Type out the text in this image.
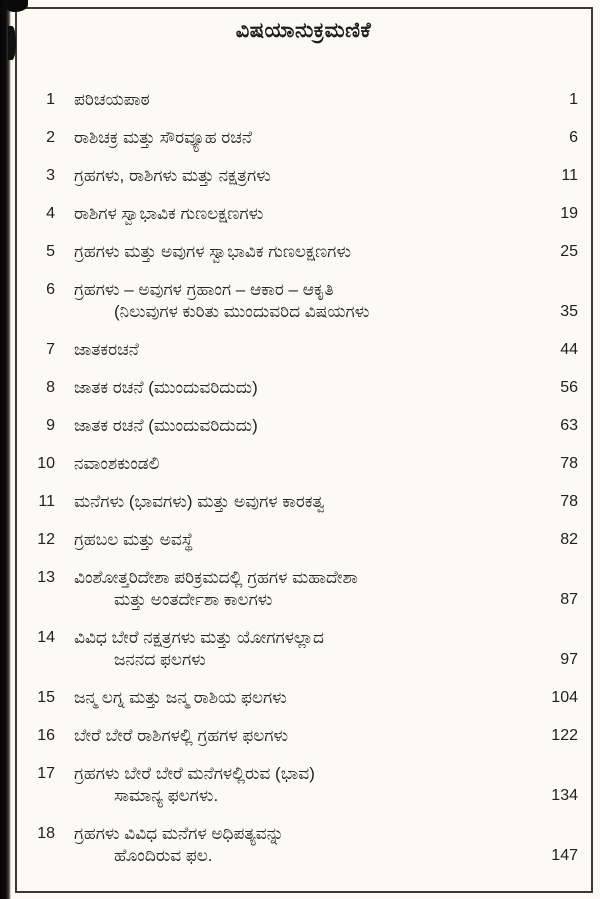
ವಿಷಯಾನುಕ್ರಮಣಿಕೆ
1 ಪರಿಚಯಪಾಠ	1
2 ರಾಶಿಚಕ್ರ ಮತ್ತು ಸೌರವ್ಯೂಹ ರಚನೆ	6
3 ಗ್ರಹಗಳು, ರಾಶಿಗಳು ಮತ್ತು ನಕ್ಷತ್ರಗಳು	11
4 ರಾಶಿಗಳ ಸ್ವಾಭಾವಿಕ ಗುಣಲಕ್ಷಣಗಳು	19
5 ಗ್ರಹಗಳು ಮತ್ತು ಅವುಗಳ ಸ್ವಾಭಾವಿಕ ಗುಣಲಕ್ಷಣಗಳು	25
6 ಗ್ರಹಗಳು – ಅವುಗಳ ಗ್ರಹಾಂಗ – ಆಕಾರ – ಆಕೃತಿ
(ನಿಲುವುಗಳ ಕುರಿತು ಮುಂದುವರಿದ ವಿಷಯಗಳು	35
7 ಜಾತಕರಚನೆ	44
8 ಜಾತಕ ರಚನೆ (ಮುಂದುವರಿದುದು)	56
9 ಜಾತಕ ರಚನೆ (ಮುಂದುವರಿದುದು)	63
10 ನವಾಂಶಕುಂಡಲಿ	78
11 ಮನೆಗಳು (ಭಾವಗಳು) ಮತ್ತು ಅವುಗಳ ಕಾರಕತ್ವ	78
12 ಗ್ರಹಬಲ ಮತ್ತು ಅವಸ್ಥೆ	82
13 ವಿಂಶೋತ್ತರಿದೇಶಾ ಪರಿಕ್ರಮದಲ್ಲಿ ಗ್ರಹಗಳ ಮಹಾದೇಶಾ
ಮತ್ತು ಅಂತರ್ದೇಶಾ ಕಾಲಗಳು	87
14 ವಿವಿಧ ಬೇರೆ ನಕ್ಷತ್ರಗಳು ಮತ್ತು ಯೋಗಗಳಲ್ಲಾದ
ಜನನದ ಫಲಗಳು	97
15 ಜನ್ಮ ಲಗ್ನ ಮತ್ತು ಜನ್ಮ ರಾಶಿಯ ಫಲಗಳು	104
16 ಬೇರೆ ಬೇರೆ ರಾಶಿಗಳಲ್ಲಿ ಗ್ರಹಗಳ ಫಲಗಳು	122
17 ಗ್ರಹಗಳು ಬೇರೆ ಬೇರೆ ಮನೆಗಳಲ್ಲಿರುವ (ಭಾವ)
ಸಾಮಾನ್ಯ ಫಲಗಳು.	134
18 ಗ್ರಹಗಳು ವಿವಿಧ ಮನೆಗಳ ಅಧಿಪತ್ಯವನ್ನು
ಹೊಂದಿರುವ ಫಲ.	147
